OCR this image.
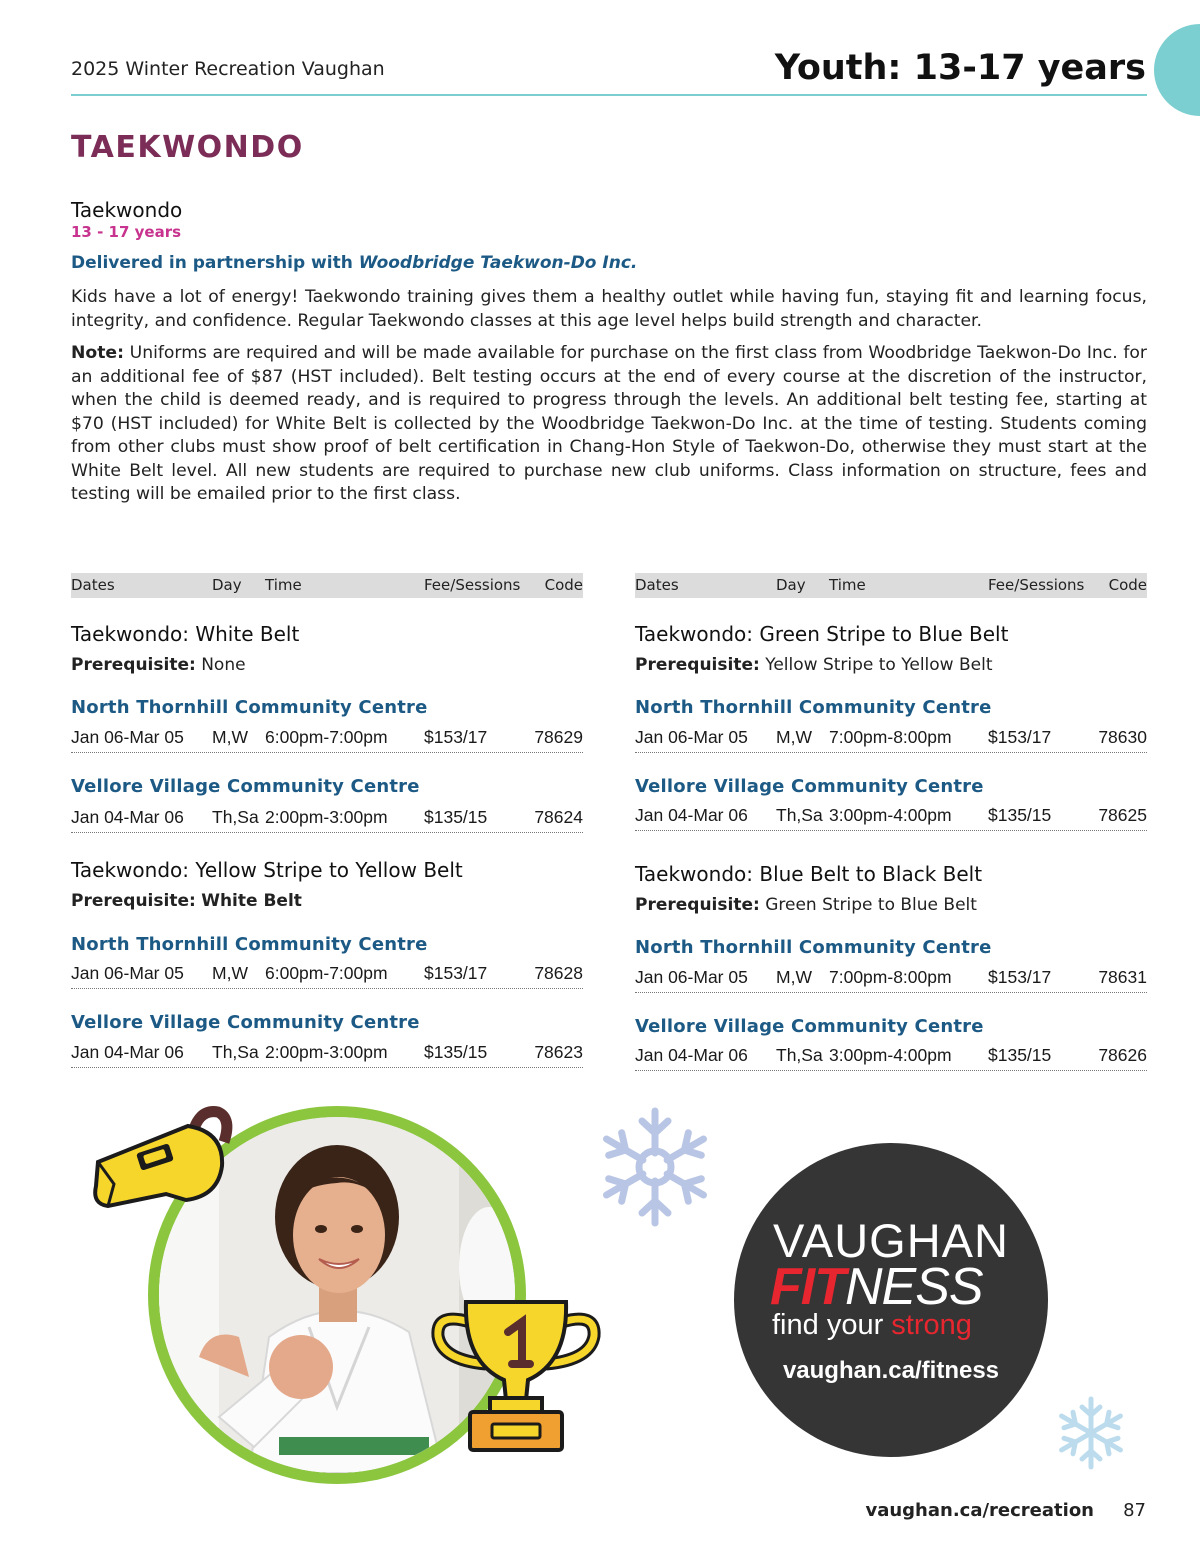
2025 Winter Recreation Vaughan	Youth: 13-17 years
TAEKWONDO
Taekwondo
13 - 17 years
Delivered in partnership with Woodbridge Taekwon-Do Inc.
Kids have a lot of energy! Taekwondo training gives them a healthy outlet while having fun, staying fit and learning focus, integrity, and confidence. Regular Taekwondo classes at this age level helps build strength and character.
Note: Uniforms are required and will be made available for purchase on the first class from Woodbridge Taekwon-Do Inc. for an additional fee of $87 (HST included). Belt testing occurs at the end of every course at the discretion of the instructor, when the child is deemed ready, and is required to progress through the levels. An additional belt testing fee, starting at $70 (HST included) for White Belt is collected by the Woodbridge Taekwon-Do Inc. at the time of testing. Students coming from other clubs must show proof of belt certification in Chang-Hon Style of Taekwon-Do, otherwise they must start at the White Belt level. All new students are required to purchase new club uniforms. Class information on structure, fees and testing will be emailed prior to the first class.
Dates	Day Time	Fee/Sessions Code
Taekwondo: White Belt
Prerequisite: None
North Thornhill Community Centre
Jan 06-Mar 05 M,W 6:00pm-7:00pm $153/17	78629
Vellore Village Community Centre
Jan 04-Mar 06 Th,Sa 2:00pm-3:00pm $135/15	78624
Taekwondo: Yellow Stripe to Yellow Belt
Prerequisite: White Belt
North Thornhill Community Centre
Jan 06-Mar 05 M,W 6:00pm-7:00pm $153/17	78628
Vellore Village Community Centre
Jan 04-Mar 06 Th,Sa 2:00pm-3:00pm $135/15	78623
Dates	Day Time	Fee/Sessions Code
Taekwondo: Green Stripe to Blue Belt
Prerequisite: Yellow Stripe to Yellow Belt
North Thornhill Community Centre
Jan 06-Mar 05 M,W 7:00pm-8:00pm $153/17	78630
Vellore Village Community Centre
Jan 04-Mar 06 Th,Sa 3:00pm-4:00pm $135/15	78625
Taekwondo: Blue Belt to Black Belt
Prerequisite: Green Stripe to Blue Belt
North Thornhill Community Centre
Jan 06-Mar 05 M,W 7:00pm-8:00pm $153/17	78631
Vellore Village Community Centre
Jan 04-Mar 06 Th,Sa 3:00pm-4:00pm $135/15	78626
VAUGHAN
FITNESS
find your strong
vaughan.ca/fitness
vaughan.ca/recreation 87
